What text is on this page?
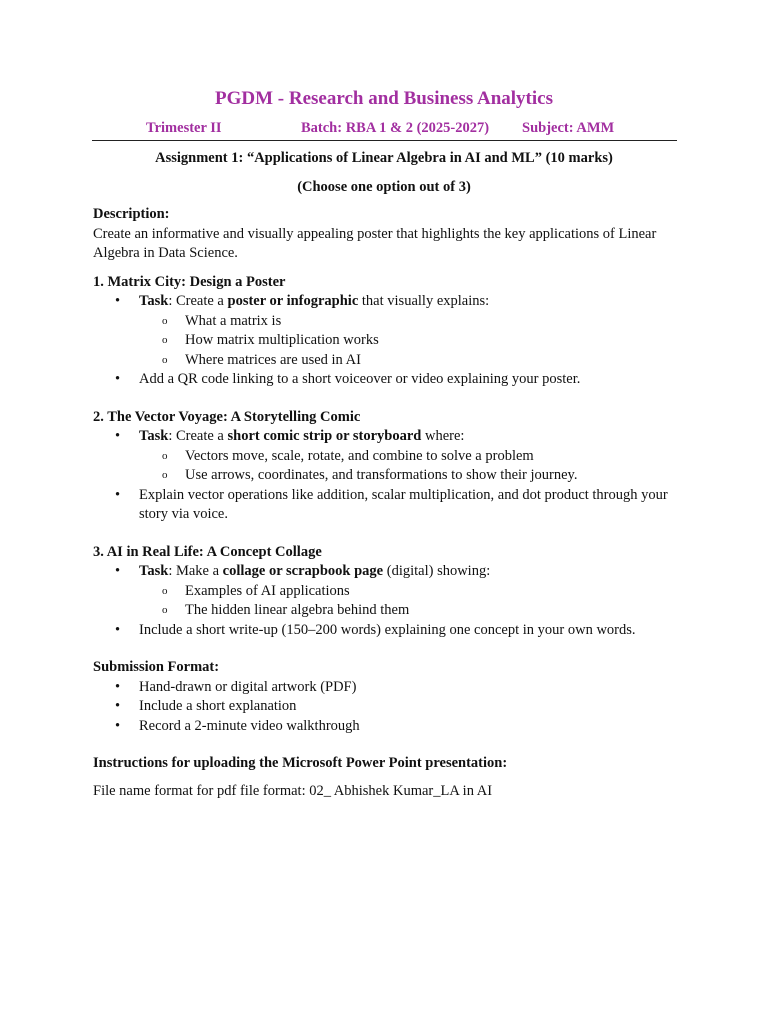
PGDM - Research and Business Analytics
Trimester II	Batch: RBA 1 & 2 (2025-2027) Subject: AMM
Assignment 1: “Applications of Linear Algebra in AI and ML” (10 marks)
(Choose one option out of 3)

Description:

Create an informative and visually appealing poster that highlights the key applications of Linear Algebra in Data Science.

1. Matrix City: Design a Poster

• Task: Create a poster or infographic that visually explains:
o What a matrix is
o How matrix multiplication works
o Where matrices are used in AI
• Add a QR code linking to a short voiceover or video explaining your poster.

2. The Vector Voyage: A Storytelling Comic

• Task: Create a short comic strip or storyboard where:
o Vectors move, scale, rotate, and combine to solve a problem
o Use arrows, coordinates, and transformations to show their journey.
• Explain vector operations like addition, scalar multiplication, and dot product through your story via voice.

3. AI in Real Life: A Concept Collage

• Task: Make a collage or scrapbook page (digital) showing:
o Examples of AI applications
o The hidden linear algebra behind them
• Include a short write-up (150–200 words) explaining one concept in your own words.

Submission Format:

• Hand-drawn or digital artwork (PDF)
• Include a short explanation
• Record a 2-minute video walkthrough

Instructions for uploading the Microsoft Power Point presentation:

File name format for pdf file format: 02_ Abhishek Kumar_LA in AI
